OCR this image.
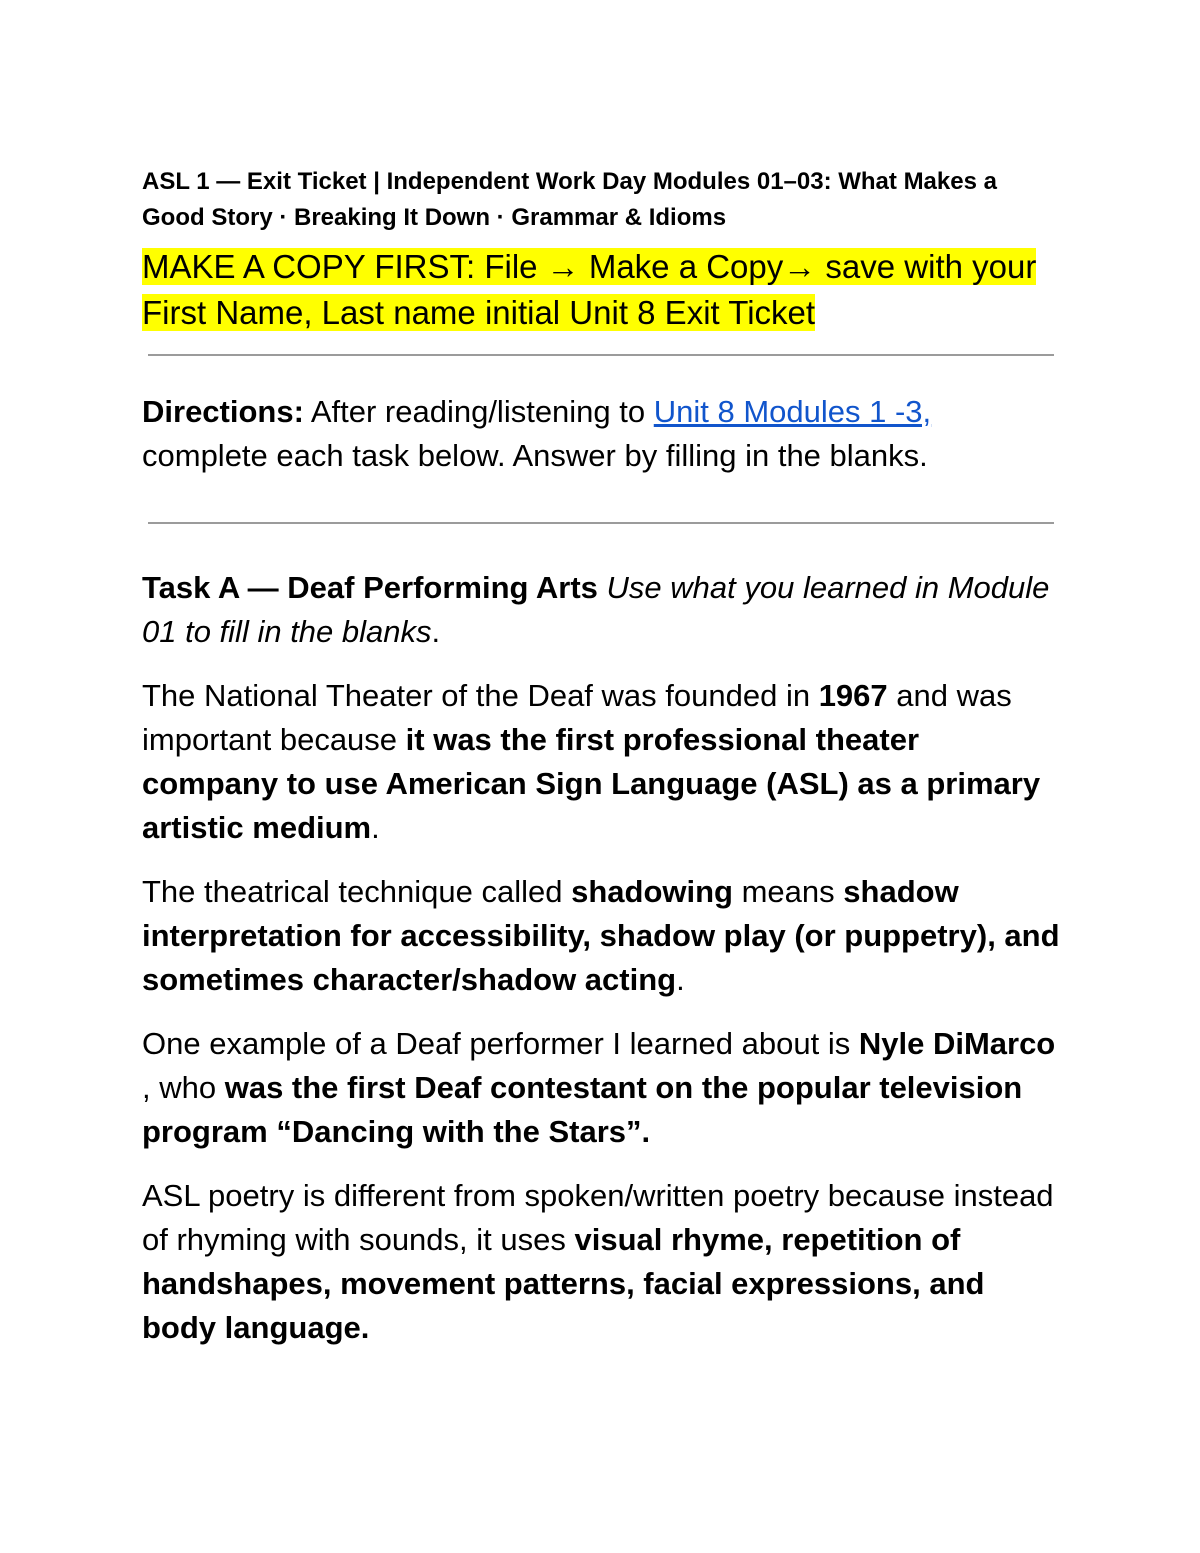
ASL 1 — Exit Ticket | Independent Work Day Modules 01–03: What Makes a Good Story · Breaking It Down · Grammar & Idioms

MAKE A COPY FIRST: File → Make a Copy→ save with your First Name, Last name initial Unit 8 Exit Ticket
Directions: After reading/listening to Unit 8 Modules 1 -3, complete each task below. Answer by filling in the blanks.
Task A — Deaf Performing Arts Use what you learned in Module 01 to fill in the blanks.
The National Theater of the Deaf was founded in 1967 and was important because it was the first professional theater company to use American Sign Language (ASL) as a primary artistic medium.
The theatrical technique called shadowing means shadow interpretation for accessibility, shadow play (or puppetry), and sometimes character/shadow acting.
One example of a Deaf performer I learned about is Nyle DiMarco , who was the first Deaf contestant on the popular television program “Dancing with the Stars”.
ASL poetry is different from spoken/written poetry because instead of rhyming with sounds, it uses visual rhyme, repetition of handshapes, movement patterns, facial expressions, and body language.
